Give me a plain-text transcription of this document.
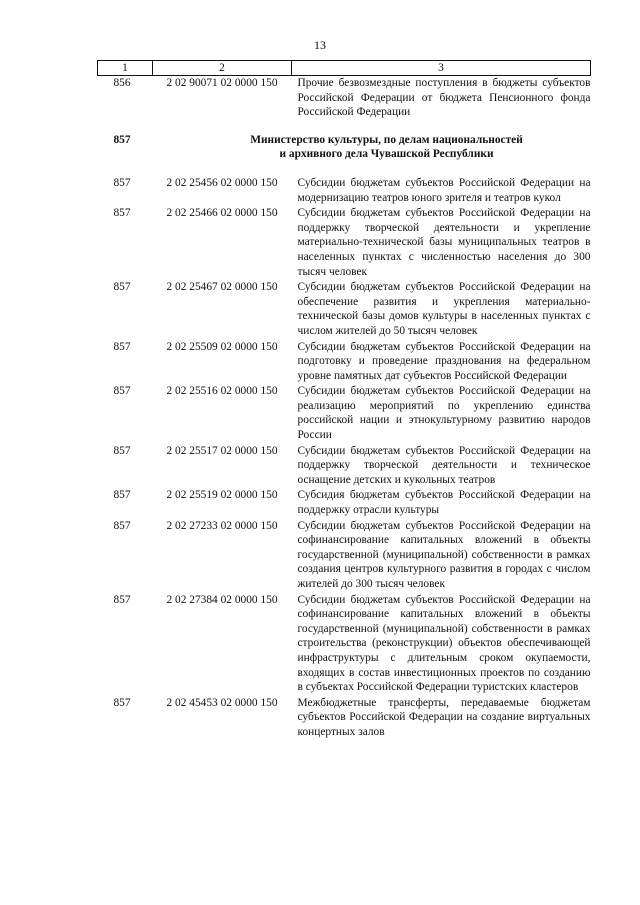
13
1	2	3
856	2 02 90071 02 0000 150	Прочие безвозмездные поступления в бюджеты субъектов Российской Федерации от бюджета Пенсионного фонда Российской Федерации
857	Министерство культуры, по делам национальностей
и архивного дела Чувашской Республики	

857	2 02 25456 02 0000 150	Субсидии бюджетам субъектов Российской Федерации на модернизацию театров юного зрителя и театров кукол
857	2 02 25466 02 0000 150	Субсидии бюджетам субъектов Российской Федерации на поддержку творческой деятельности и укрепление материально-технической базы муниципальных театров в населенных пунктах с численностью населения до 300 тысяч человек
857	2 02 25467 02 0000 150	Субсидии бюджетам субъектов Российской Федерации на обеспечение развития и укрепления материально-технической базы домов культуры в населенных пунктах с числом жителей до 50 тысяч человек
857	2 02 25509 02 0000 150	Субсидии бюджетам субъектов Российской Федерации на подготовку и проведение празднования на федеральном уровне памятных дат субъектов Российской Федерации
857	2 02 25516 02 0000 150	Субсидии бюджетам субъектов Российской Федерации на реализацию мероприятий по укреплению единства российской нации и этнокультурному развитию народов России
857	2 02 25517 02 0000 150	Субсидии бюджетам субъектов Российской Федерации на поддержку творческой деятельности и техническое оснащение детских и кукольных театров
857	2 02 25519 02 0000 150	Субсидия бюджетам субъектов Российской Федерации на поддержку отрасли культуры
857	2 02 27233 02 0000 150	Субсидии бюджетам субъектов Российской Федерации на софинансирование капитальных вложений в объекты государственной (муниципальной) собственности в рамках создания центров культурного развития в городах с числом жителей до 300 тысяч человек
857	2 02 27384 02 0000 150	Субсидии бюджетам субъектов Российской Федерации на софинансирование капитальных вложений в объекты государственной (муниципальной) собственности в рамках строительства (реконструкции) объектов обеспечивающей инфраструктуры с длительным сроком окупаемости, входящих в состав инвестиционных проектов по созданию в субъектах Российской Федерации туристских кластеров
857	2 02 45453 02 0000 150	Межбюджетные трансферты, передаваемые бюджетам субъектов Российской Федерации на создание виртуальных концертных залов
